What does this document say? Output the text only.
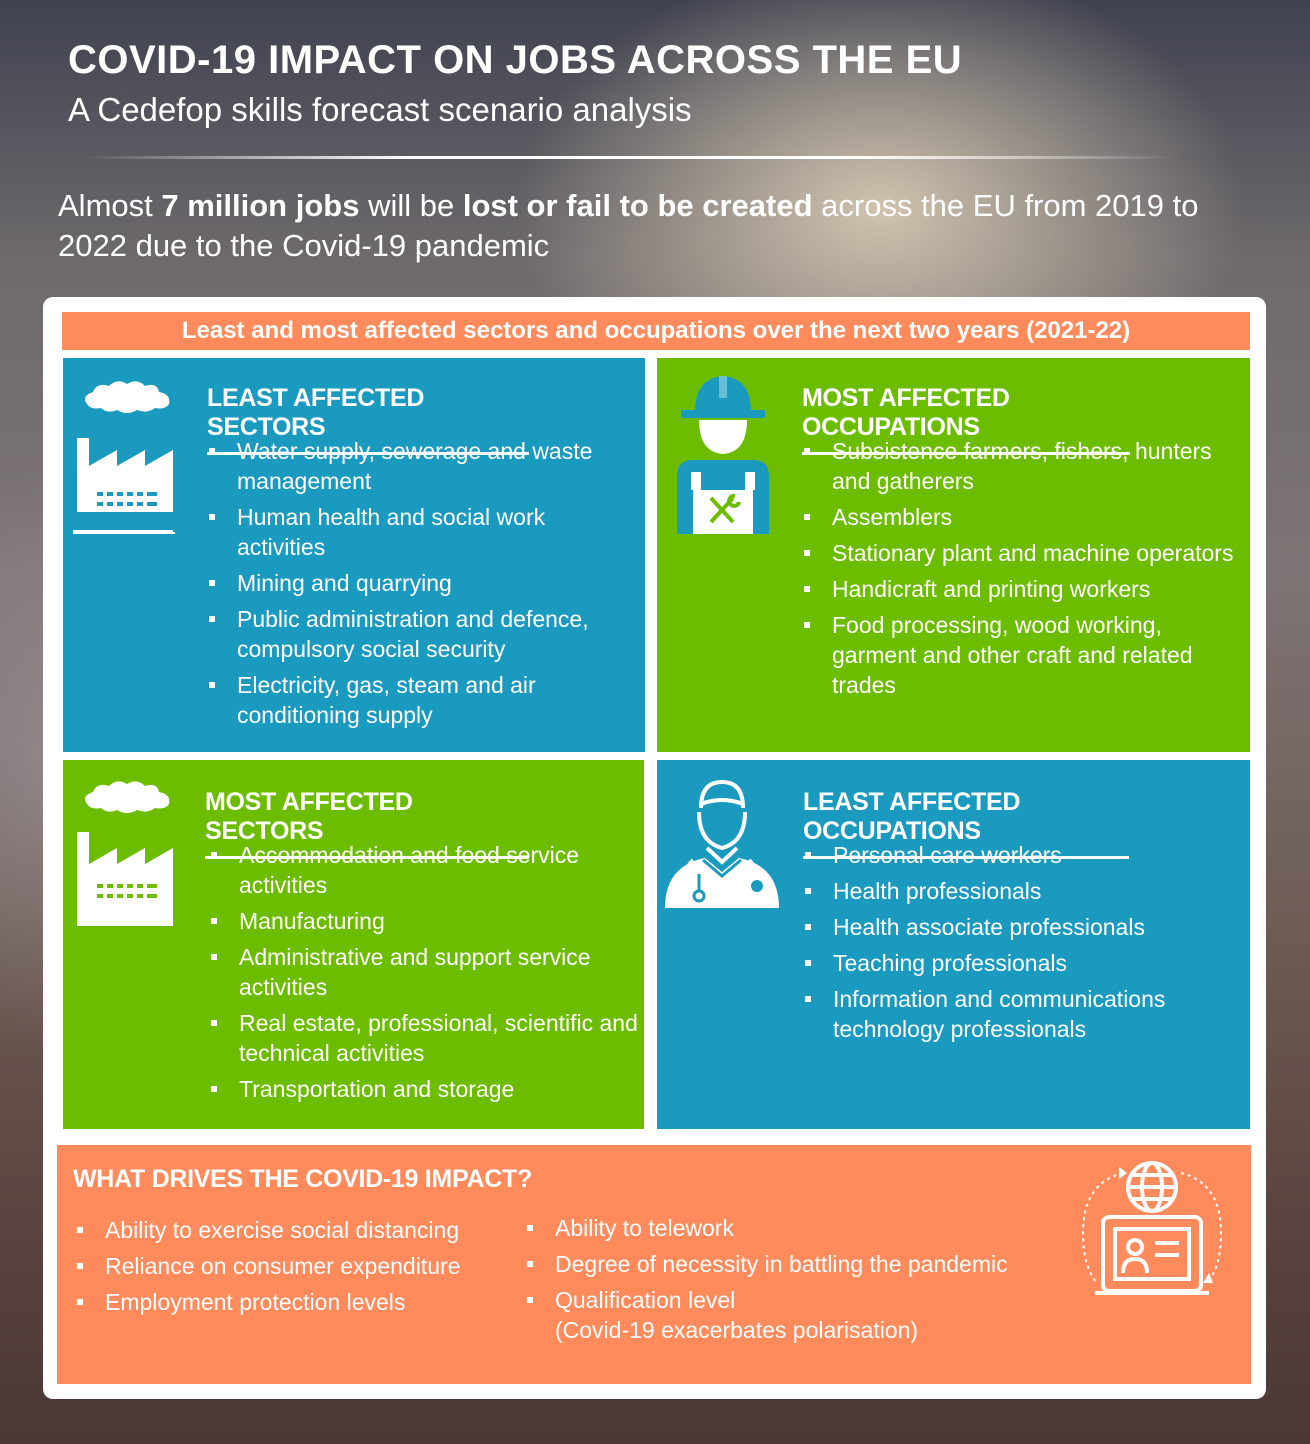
COVID-19 IMPACT ON JOBS ACROSS THE EU
A Cedefop skills forecast scenario analysis
Almost 7 million jobs will be lost or fail to be created across the EU from 2019 to 2022 due to the Covid-19 pandemic
Least and most affected sectors and occupations over the next two years (2021-22)
LEAST AFFECTED SECTORS
Water supply, sewerage and waste management
Human health and social work activities
Mining and quarrying
Public administration and defence, compulsory social security
Electricity, gas, steam and air conditioning supply
MOST AFFECTED OCCUPATIONS
Subsistence farmers, fishers, hunters and gatherers
Assemblers
Stationary plant and machine operators
Handicraft and printing workers
Food processing, wood working, garment and other craft and related trades
MOST AFFECTED SECTORS
Accommodation and food service activities
Manufacturing
Administrative and support service activities
Real estate, professional, scientific and technical activities
Transportation and storage
LEAST AFFECTED OCCUPATIONS
Personal care workers
Health professionals
Health associate professionals
Teaching professionals
Information and communications technology professionals
WHAT DRIVES THE COVID-19 IMPACT?
Ability to exercise social distancing
Reliance on consumer expenditure
Employment protection levels
Ability to telework
Degree of necessity in battling the pandemic
Qualification level
(Covid-19 exacerbates polarisation)
